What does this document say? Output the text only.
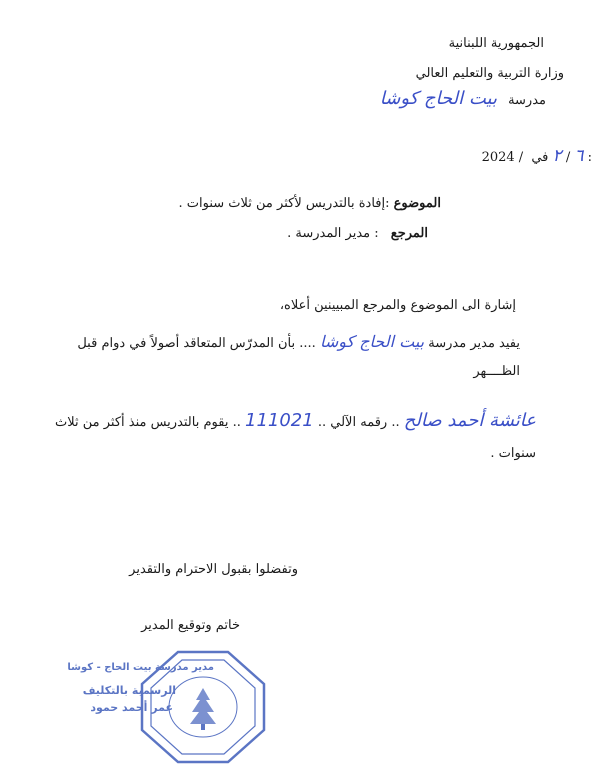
الجمهورية اللبنانية
وزارة التربية والتعليم العالي
مدرسة بيت الحاج كوشا
2024 /	٦ / ٢ في :
الموضوع :إفادة بالتدريس لأكثر من ثلاث سنوات .
المرجع : مدير المدرسة .
إشارة الى الموضوع والمرجع المبيينين أعلاه،
يفيد مدير مدرسة بيت الحاج كوشا .... بأن المدرّس المتعاقد أصولاً في دوام قبل
الظــــهر
عائشة أحمد صالح .. رقمه الآلي .. 111021 .. يقوم بالتدريس منذ أكثر من ثلاث
سنوات .
وتفضلوا بقبول الاحترام والتقدير
خاتم وتوقيع المدير
مدير مدرسة بيت الحاج - كوشا
الرسمية بالتكليف
عمر أحمد حمود
